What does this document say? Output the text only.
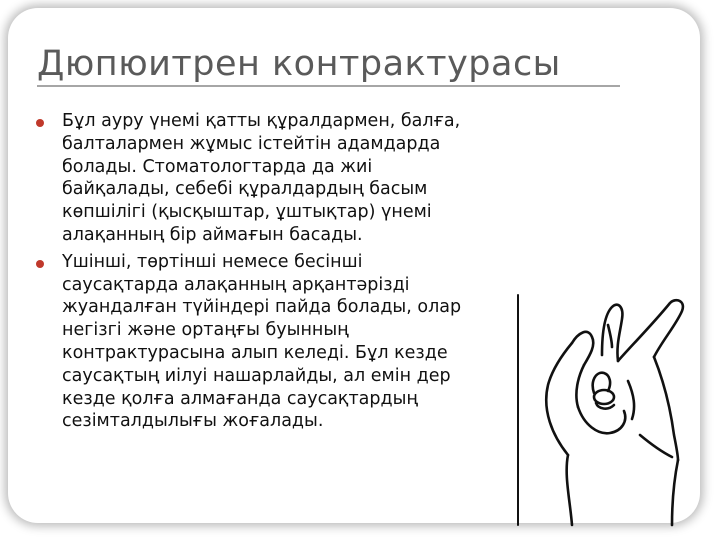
Дюпюитрен контрактурасы
Бұл ауру үнемі қатты құралдармен, балға,
балталармен жұмыс істейтін адамдарда
болады. Стоматологтарда да жиі
байқалады, себебі құралдардың басым
көпшілігі (қысқыштар, ұштықтар) үнемі
алақанның бір аймағын басады.
Үшінші, төртінші немесе бесінші
саусақтарда алақанның арқантәрізді
жуандалған түйіндері пайда болады, олар
негізгі және ортаңғы буынның
контрактурасына алып келеді. Бұл кезде
саусақтың иілуі нашарлайды, ал емін дер
кезде қолға алмағанда саусақтардың
сезімталдылығы жоғалады.
